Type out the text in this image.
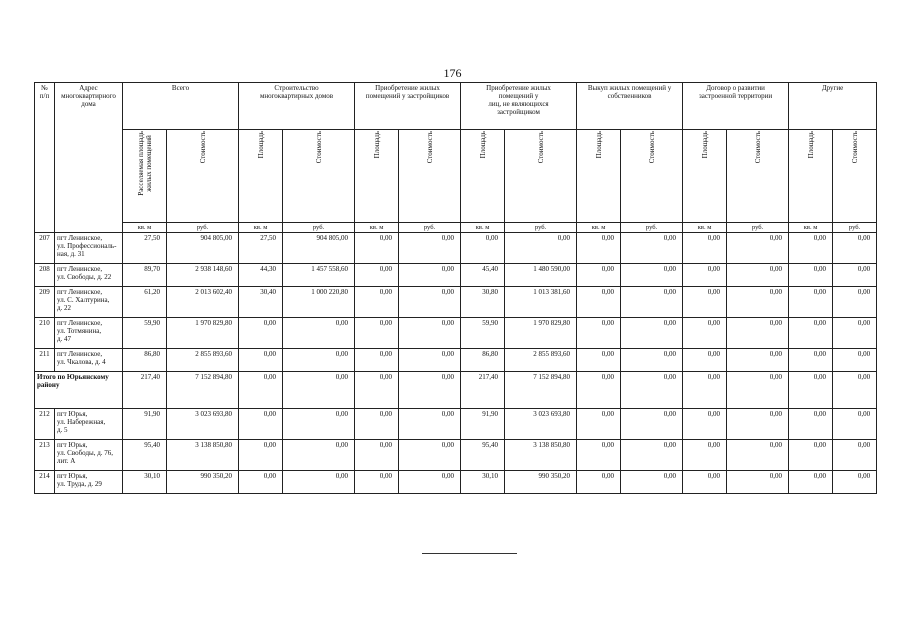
176
№
п/п	Адрес
многоквартирного
дома	Всего		Строительство
многоквартирных домов		Приобретение жилых
помещений у застройщиков		Приобретение жилых
помещений у
лиц, не являющихся
застройщиком		Выкуп жилых помещений у
собственников		Договор о развитии
застроенной территории		Другие	
		Расселяемая площадь
жилых помещений	Стоимость	Площадь	Стоимость	Площадь	Стоимость	Площадь	Стоимость	Площадь	Стоимость	Площадь	Стоимость	Площадь	Стоимость
		кв. м	руб.	кв. м	руб.	кв. м	руб.	кв. м	руб.	кв. м	руб.	кв. м	руб.	кв. м	руб.
207	пгт Ленинское,
ул. Профессиональ-
ная, д. 31	27,50	904 805,00	27,50	904 805,00	0,00	0,00	0,00	0,00	0,00	0,00	0,00	0,00	0,00	0,00
208	пгт Ленинское,
ул. Свободы, д. 22	89,70	2 938 148,60	44,30	1 457 558,60	0,00	0,00	45,40	1 480 590,00	0,00	0,00	0,00	0,00	0,00	0,00
209	пгт Ленинское,
ул. С. Халтурина,
д. 22	61,20	2 013 602,40	30,40	1 000 220,80	0,00	0,00	30,80	1 013 381,60	0,00	0,00	0,00	0,00	0,00	0,00
210	пгт Ленинское,
ул. Тотмянина,
д. 47	59,90	1 970 829,80	0,00	0,00	0,00	0,00	59,90	1 970 829,80	0,00	0,00	0,00	0,00	0,00	0,00
211	пгт Ленинское,
ул. Чкалова, д. 4	86,80	2 855 893,60	0,00	0,00	0,00	0,00	86,80	2 855 893,60	0,00	0,00	0,00	0,00	0,00	0,00
Итого по Юрьянскому
району		217,40	7 152 894,80	0,00	0,00	0,00	0,00	217,40	7 152 894,80	0,00	0,00	0,00	0,00	0,00	0,00
212	пгт Юрья,
ул. Набережная,
д. 5	91,90	3 023 693,80	0,00	0,00	0,00	0,00	91,90	3 023 693,80	0,00	0,00	0,00	0,00	0,00	0,00
213	пгт Юрья,
ул. Свободы, д. 76,
лит. А	95,40	3 138 850,80	0,00	0,00	0,00	0,00	95,40	3 138 850,80	0,00	0,00	0,00	0,00	0,00	0,00
214	пгт Юрья,
ул. Труда, д. 29	30,10	990 350,20	0,00	0,00	0,00	0,00	30,10	990 350,20	0,00	0,00	0,00	0,00	0,00	0,00
